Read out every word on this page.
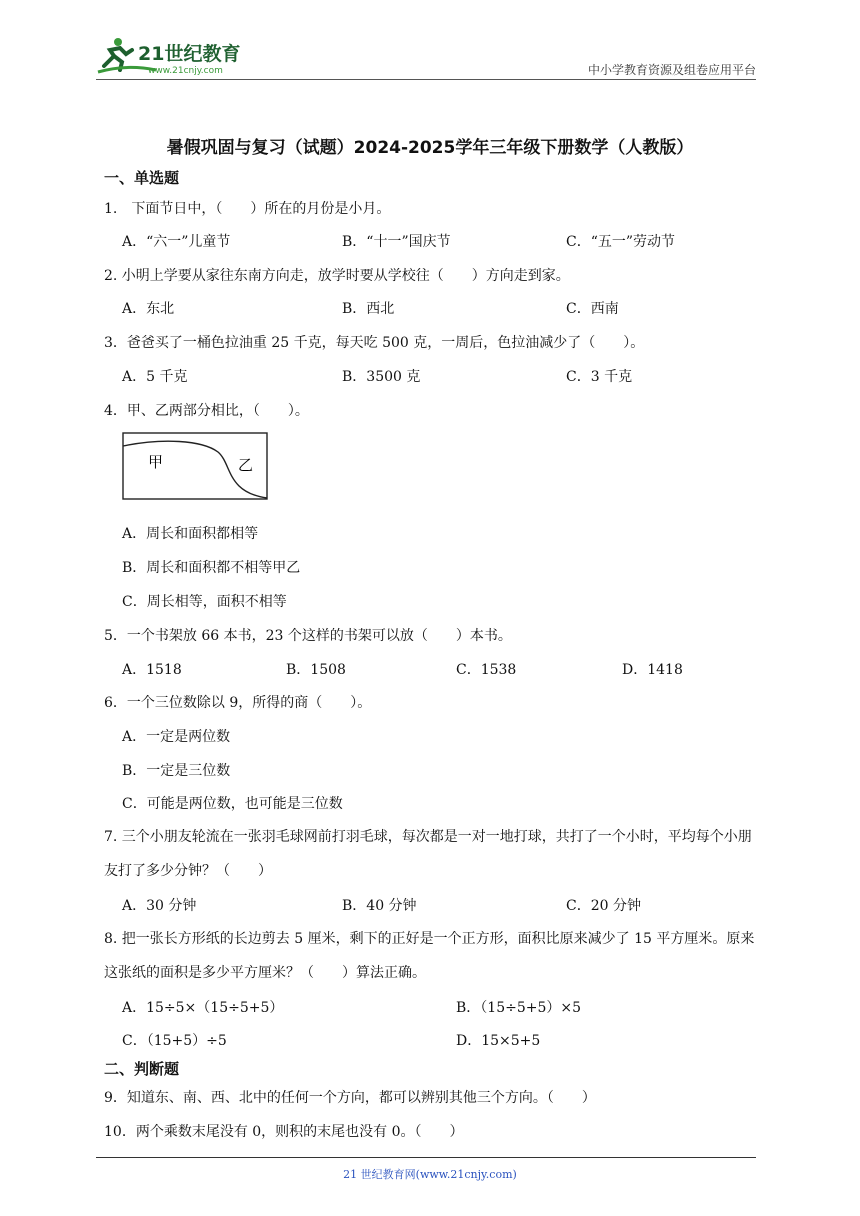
21世纪教育
www.21cnjy.com	中小学教育资源及组卷应用平台
暑假巩固与复习（试题）2024-2025学年三年级下册数学（人教版）
一、单选题
1.　下面节日中，（　　）所在的月份是小月。
A．“六一”儿童节	B．“十一”国庆节	C．“五一”劳动节
2. 小明上学要从家往东南方向走，放学时要从学校往（　　）方向走到家。
A．东北	B．西北	C．西南
3．爸爸买了一桶色拉油重 25 千克，每天吃 500 克，一周后，色拉油减少了（　　）。
A．5 千克	B．3500 克	C．3 千克
4．甲、乙两部分相比，（　　）。
甲	乙
A．周长和面积都相等
B．周长和面积都不相等甲乙
C．周长相等，面积不相等
5．一个书架放 66 本书，23 个这样的书架可以放（　　）本书。
A．1518	B．1508	C．1538	D．1418
6．一个三位数除以 9，所得的商（　　）。
A．一定是两位数
B．一定是三位数
C．可能是两位数，也可能是三位数
7. 三个小朋友轮流在一张羽毛球网前打羽毛球，每次都是一对一地打球，共打了一个小时，平均每个小朋友打了多少分钟？（　　）
A．30 分钟	B．40 分钟	C．20 分钟
8. 把一张长方形纸的长边剪去 5 厘米，剩下的正好是一个正方形，面积比原来减少了 15 平方厘米。原来这张纸的面积是多少平方厘米？（　　）算法正确。
A．15÷5×（15÷5+5）	B．（15÷5+5）×5
C．（15+5）÷5	D．15×5+5
二、判断题
9．知道东、南、西、北中的任何一个方向，都可以辨别其他三个方向。（　　）
10．两个乘数末尾没有 0，则积的末尾也没有 0。（　　）
21 世纪教育网(www.21cnjy.com)
